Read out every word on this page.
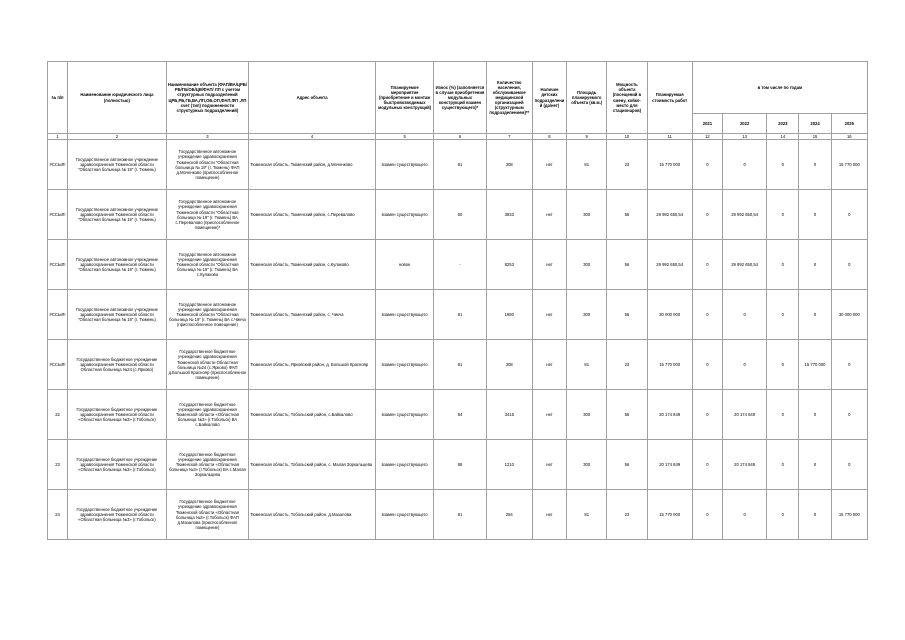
№ п/п	Наименование юридического лица (полностью)	Наименование объекта (ФАП/ВА/ЦРБ/РБ/ГБ/ОБ/ЦВ/ФАП/ ЛП с учетом структурных подразделений ЦРБ,РБ,ГБ,ВА,ЛП,ОБ,ОП,ФАП,ФП ,ЛП счет (тип) подчиненности структурных подразделений)	Адрес объекта	Планируемое мероприятие (приобретение и монтаж быстровозводимых модульных конструкций)	Износ (%) (заполняется в случае приобретения модульных конструкций взамен существующего)*	Количество населения, обслуживаемое медицинской организацией (структурным подразделением)**	Наличие детских подразделений (да/нет)	Площадь планируемого объекта (кв.м.)	Мощность объекта (посещений в смену, койко-место для стационаров)	Планируемая стоимость работ	в том числе по годам				
											2021	2022	2023	2024	2025
1	2	3	4	5	6	7	8	9	10	11	12	13	14	15	16
#ССЫЛ!	Государственное автономное учреждение здравоохранения Тюменской области "Областная больница № 19" (г. Тюмень)	Государственное автономное учреждение здравоохранения Тюменской области "Областная больница № 19" (г. Тюмень) ФАП д.Моченково (приспособленное помещение)	Тюменская область, Тюменский район, д.Моченково	взамен существующего	81	308	нет	81	23	15 770 000	0	0	0	0	15 770 000
#ССЫЛ!	Государственное автономное учреждение здравоохранения Тюменской области "Областная больница № 19" (г. Тюмень)	Государственное автономное учреждение здравоохранения Тюменской области "Областная больница № 19" (г. Тюмень) ВА с.Перевалово (приспособленное помещение)*	Тюменская область, Тюменский район, с.Перевалово	взамен существующего	60	3933	нет	300	56	29 992 650,54	0	29 992 650,54	0	0	0
#ССЫЛ!	Государственное автономное учреждение здравоохранения Тюменской области "Областная больница № 19" (г. Тюмень)	Государственное автономное учреждение здравоохранения Тюменской области "Областная больница № 19" (г. Тюмень) ВА с.Кулаково	Тюменская область, Тюменский район, с.Кулаково	новое	-	8253	нет	300	56	29 992 650,54	0	29 992 650,54	0	0	0
#ССЫЛ!	Государственное автономное учреждение здравоохранения Тюменской области "Областная больница № 19" (г. Тюмень)	Государственное автономное учреждение здравоохранения Тюменской области "Областная больница № 19" (г. Тюмень) ВА с.Чикча (приспособленное помещение)	Тюменская область, Тюменский район, с. Чикча	взамен существующего	81	1980	нет	300	56	30 000 000	0	0	0	0	30 000 000
#ССЫЛ!	Государственное бюджетное учреждение здравоохранения Тюменской области Областная больница №24 (с.Ярково)	Государственное бюджетное учреждение здравоохранения Тюменской области Областная больница №24 (с.Ярково) ФАП д.Большой Краснояр (приспособленное помещение)	Тюменская область, Ярковский район, д. Большой Краснояр	взамен существующего	81	308	нет	81	23	15 770 000	0	0	0	15 770 000	0
22	Государственное бюджетное учреждение здравоохранения Тюменской области «Областная больница №3» (г.Тобольск)	Государственное бюджетное учреждение здравоохранения Тюменской области «Областная больница №3» (г.Тобольск) ВА с.Байкалово	Тюменская область, Тобольский район, с.Байкалово	взамен существующего	84	3415	нет	300	56	20 174 849	0	20 174 849	0	0	0
23	Государственное бюджетное учреждение здравоохранения Тюменской области «Областная больница №3» (г.Тобольск)	Государственное бюджетное учреждение здравоохранения Тюменской области «Областная больница №3» (г.Тобольск) ВА с.Малая Зоркальцева	Тюменская область, Тобольский район, с. Малая Зоркальцева	взамен существующего	86	1210	нет	300	56	20 174 849	0	20 174 849	0	0	0
24	Государственное бюджетное учреждение здравоохранения Тюменской области «Областная больница №3» (г.Тобольск)	Государственное бюджетное учреждение здравоохранения Тюменской области «Областная больница №3» (г.Тобольск) ФАП д.Мазаловa (приспособленное помещение)	Тюменская область, Тобольский район, д.Мазалова	взамен существующего	81	284	нет	81	23	15 770 000	0	0	0	0	15 770 000
